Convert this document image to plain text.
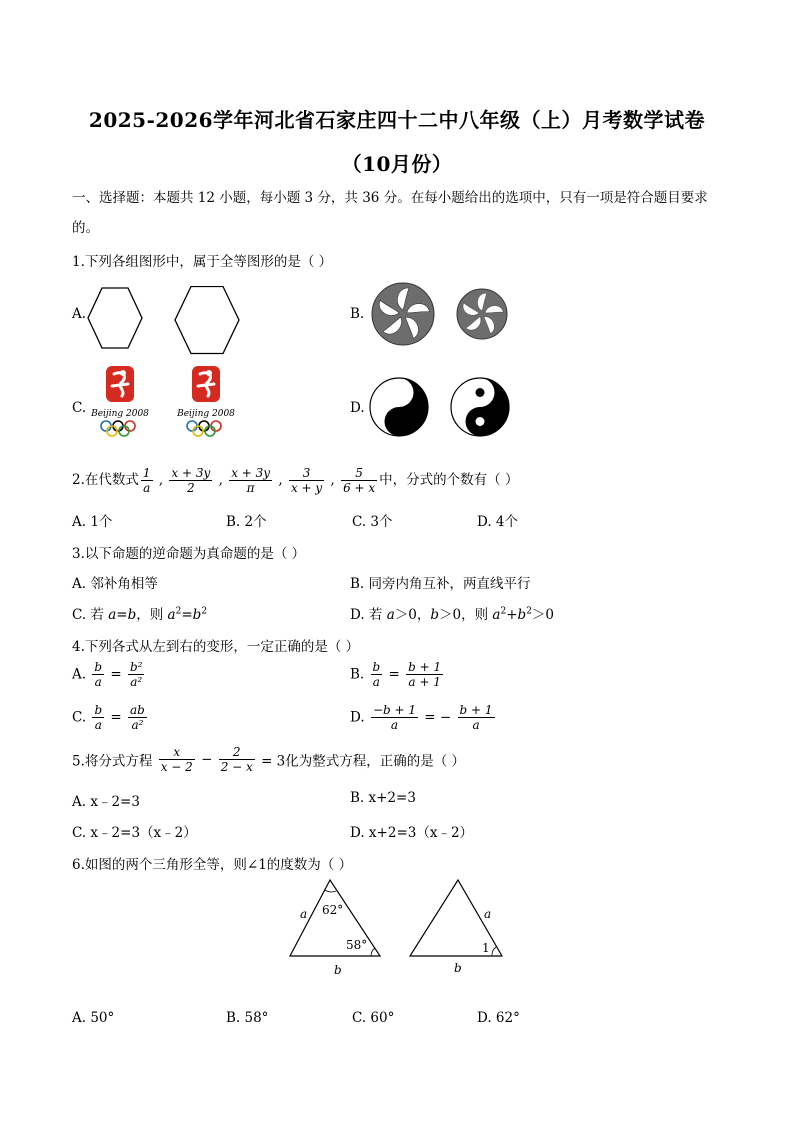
2025-2026学年河北省石家庄四十二中八年级（上）月考数学试卷
（10月份）
一、选择题：本题共 12 小题，每小题 3 分，共 36 分。在每小题给出的选项中，只有一项是符合题目要求
的。
1.下列各组图形中，属于全等图形的是（ ）
A.	B.
C. Beijing 2008	Beijing 2008	D.
2.在代数式 $\frac{1}{a}$ , $\frac{x + 3y}{2}$ , $\frac{x + 3y}{\pi}$ , $\frac{3}{x + y}$ , $\frac{5}{6 + x}$ 中，分式的个数有（ ）
A. 1个	B. 2个	C. 3个	D. 4个
3.以下命题的逆命题为真命题的是（ ）
A. 邻补角相等	B. 同旁内角互补，两直线平行
C. 若 a=b，则 $a^2=b^2$	D. 若 a＞0，b＞0，则 $a^2+b^2>0$
4.下列各式从左到右的变形，一定正确的是（ ）
A. $\frac{b}{a} = \frac{\text{b²}}{\text{a²}}$	B. $\frac{b}{a} = \frac{b + 1}{a + 1}$
C. $\frac{b}{a} = \frac{ab}{\text{a²}}$	D. $\frac{-b + 1}{a}$ = − $\frac{b + 1}{a}$
5.将分式方程 $\frac{x}{x - 2} - \frac{2}{2 - x} = 3$化为整式方程，正确的是（ ）
A. x﹣2=3	B. x+2=3
C. x﹣2=3（x﹣2）	D. x+2=3（x﹣2）
6.如图的两个三角形全等，则∠1的度数为（ ）
62°
58°
a
b
1
a
b
A. 50°	B. 58°	C. 60°	D. 62°
